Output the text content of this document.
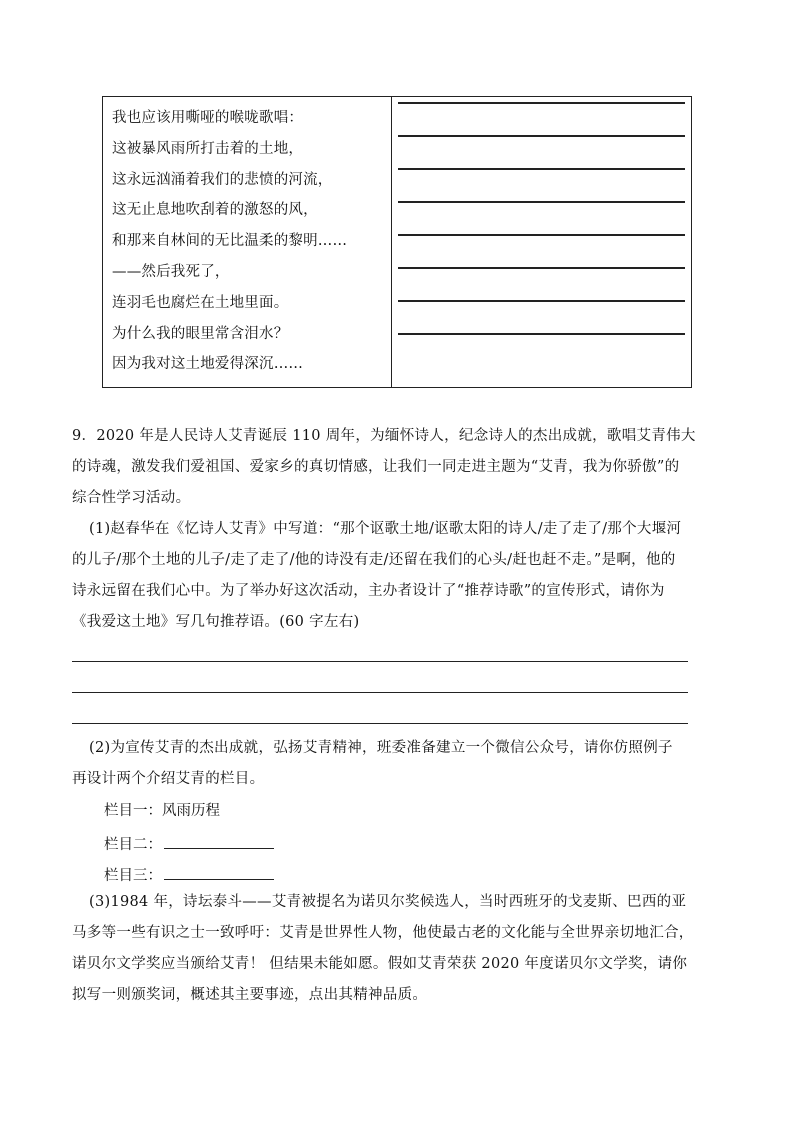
我也应该用嘶哑的喉咙歌唱：
这被暴风雨所打击着的土地，
这永远汹涌着我们的悲愤的河流，
这无止息地吹刮着的激怒的风，
和那来自林间的无比温柔的黎明……
——然后我死了，
连羽毛也腐烂在土地里面。
为什么我的眼里常含泪水？
因为我对这土地爱得深沉……
9．2020 年是人民诗人艾青诞辰 110 周年，为缅怀诗人，纪念诗人的杰出成就，歌唱艾青伟大
的诗魂，激发我们爱祖国、爱家乡的真切情感，让我们一同走进主题为“艾青，我为你骄傲”的
综合性学习活动。
(1)赵春华在《忆诗人艾青》中写道：“那个讴歌土地/讴歌太阳的诗人/走了走了/那个大堰河
的儿子/那个土地的儿子/走了走了/他的诗没有走/还留在我们的心头/赶也赶不走。”是啊，他的
诗永远留在我们心中。为了举办好这次活动，主办者设计了“推荐诗歌”的宣传形式，请你为
《我爱这土地》写几句推荐语。(60 字左右)
(2)为宣传艾青的杰出成就，弘扬艾青精神，班委准备建立一个微信公众号，请你仿照例子
再设计两个介绍艾青的栏目。
栏目一：风雨历程
栏目二：
栏目三：
(3)1984 年，诗坛泰斗——艾青被提名为诺贝尔奖候选人，当时西班牙的戈麦斯、巴西的亚
马多等一些有识之士一致呼吁：艾青是世界性人物，他使最古老的文化能与全世界亲切地汇合，
诺贝尔文学奖应当颁给艾青！ 但结果未能如愿。假如艾青荣获 2020 年度诺贝尔文学奖，请你
拟写一则颁奖词，概述其主要事迹，点出其精神品质。
